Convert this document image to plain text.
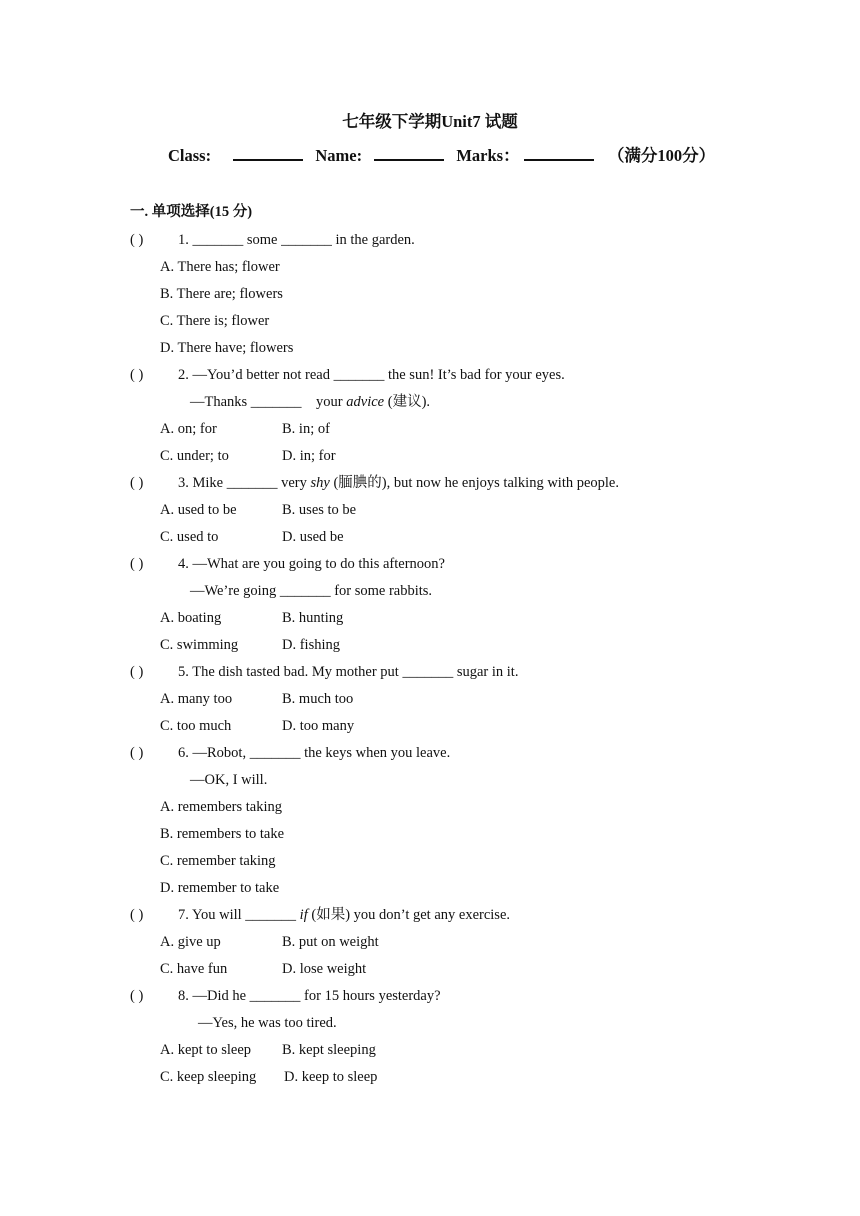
七年级下学期Unit7 试题
Class:	Name:	Marks：	（满分100分）
一. 单项选择(15 分)
( ) 1. _______ some _______ in the garden.
A. There has; flower
B. There are; flowers
C. There is; flower
D. There have; flowers
( ) 2. —You’d better not read _______ the sun! It’s bad for your eyes.
—Thanks _______    your advice (建议).
A. on; for	B. in; of
C. under; to	D. in; for
( ) 3. Mike _______ very shy (腼腆的), but now he enjoys talking with people.
A. used to be	B. uses to be
C. used to	D. used be
( ) 4. —What are you going to do this afternoon?
—We’re going _______ for some rabbits.
A. boating	B. hunting
C. swimming	D. fishing
( ) 5. The dish tasted bad. My mother put _______ sugar in it.
A. many too	B. much too
C. too much	D. too many
( ) 6. —Robot, _______ the keys when you leave.
—OK, I will.
A. remembers taking
B. remembers to take
C. remember taking
D. remember to take
( ) 7. You will _______ if (如果) you don’t get any exercise.
A. give up	B. put on weight
C. have fun	D. lose weight
( ) 8. —Did he _______ for 15 hours yesterday?
—Yes, he was too tired.
A. kept to sleep B. kept sleeping
C. keep sleeping D. keep to sleep
